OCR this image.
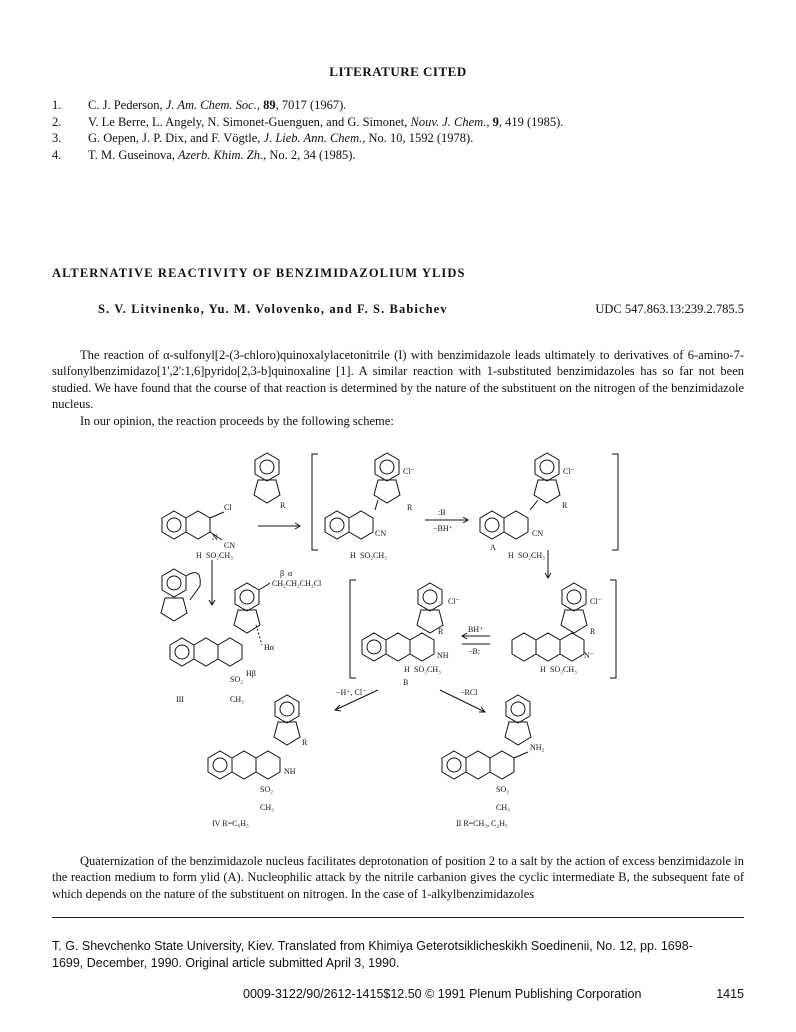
LITERATURE CITED
1.	C. J. Pederson, J. Am. Chem. Soc., 89, 7017 (1967).
2.	V. Le Berre, L. Angely, N. Simonet-Guenguen, and G. Simonet, Nouv. J. Chem., 9, 419 (1985).
3.	G. Oepen, J. P. Dix, and F. Vögtle, J. Lieb. Ann. Chem., No. 10, 1592 (1978).
4.	T. M. Guseinova, Azerb. Khim. Zh., No. 2, 34 (1985).
ALTERNATIVE REACTIVITY OF BENZIMIDAZOLIUM YLIDS
S. V. Litvinenko, Yu. M. Volovenko, and F. S. Babichev	UDC 547.863.13:239.2.785.5
The reaction of α-sulfonyl[2-(3-chloro)quinoxalylacetonitrile (I) with benzimidazole leads ultimately to derivatives of 6-amino-7-sulfonylbenzimidazo[1',2':1,6]pyrido[2,3-b]quinoxaline [1]. A similar reaction with 1-substituted benzimidazoles has so far not been studied. We have found that the course of that reaction is determined by the nature of the substituent on the nitrogen of the benzimidazole nucleus.
In our opinion, the reaction proceeds by the following scheme:
Cl
N
CN
H SO₂CH₃
R
Cl⁻
R
CN
H SO₂CH₃
:B
−BH⁺
Cl⁻
R
CN
A
H SO₂CH₃
CH₂CH₂CH₂Cl
β α
Hα
Hβ
SO₂
CH₃
III
Cl⁻
R
NH
H SO₂CH₃
B
BH⁺
−B:
Cl⁻
R
N⁻
H SO₂CH₃
−H⁺, Cl⁻	−RCl
R
NH
SO₂
CH₃
IV R=C₆H₅
NH₂
SO₂
CH₃
II R=CH₃, C₂H₅
Quaternization of the benzimidazole nucleus facilitates deprotonation of position 2 to a salt by the action of excess benzimidazole in the reaction medium to form ylid (A). Nucleophilic attack by the nitrile carbanion gives the cyclic intermediate B, the subsequent fate of which depends on the nature of the substituent on nitrogen. In the case of 1-alkylbenzimidazoles
T. G. Shevchenko State University, Kiev. Translated from Khimiya Geterotsiklicheskikh Soedinenii, No. 12, pp. 1698-
1699, December, 1990. Original article submitted April 3, 1990.
0009-3122/90/2612-1415$12.50 © 1991 Plenum Publishing Corporation	1415
